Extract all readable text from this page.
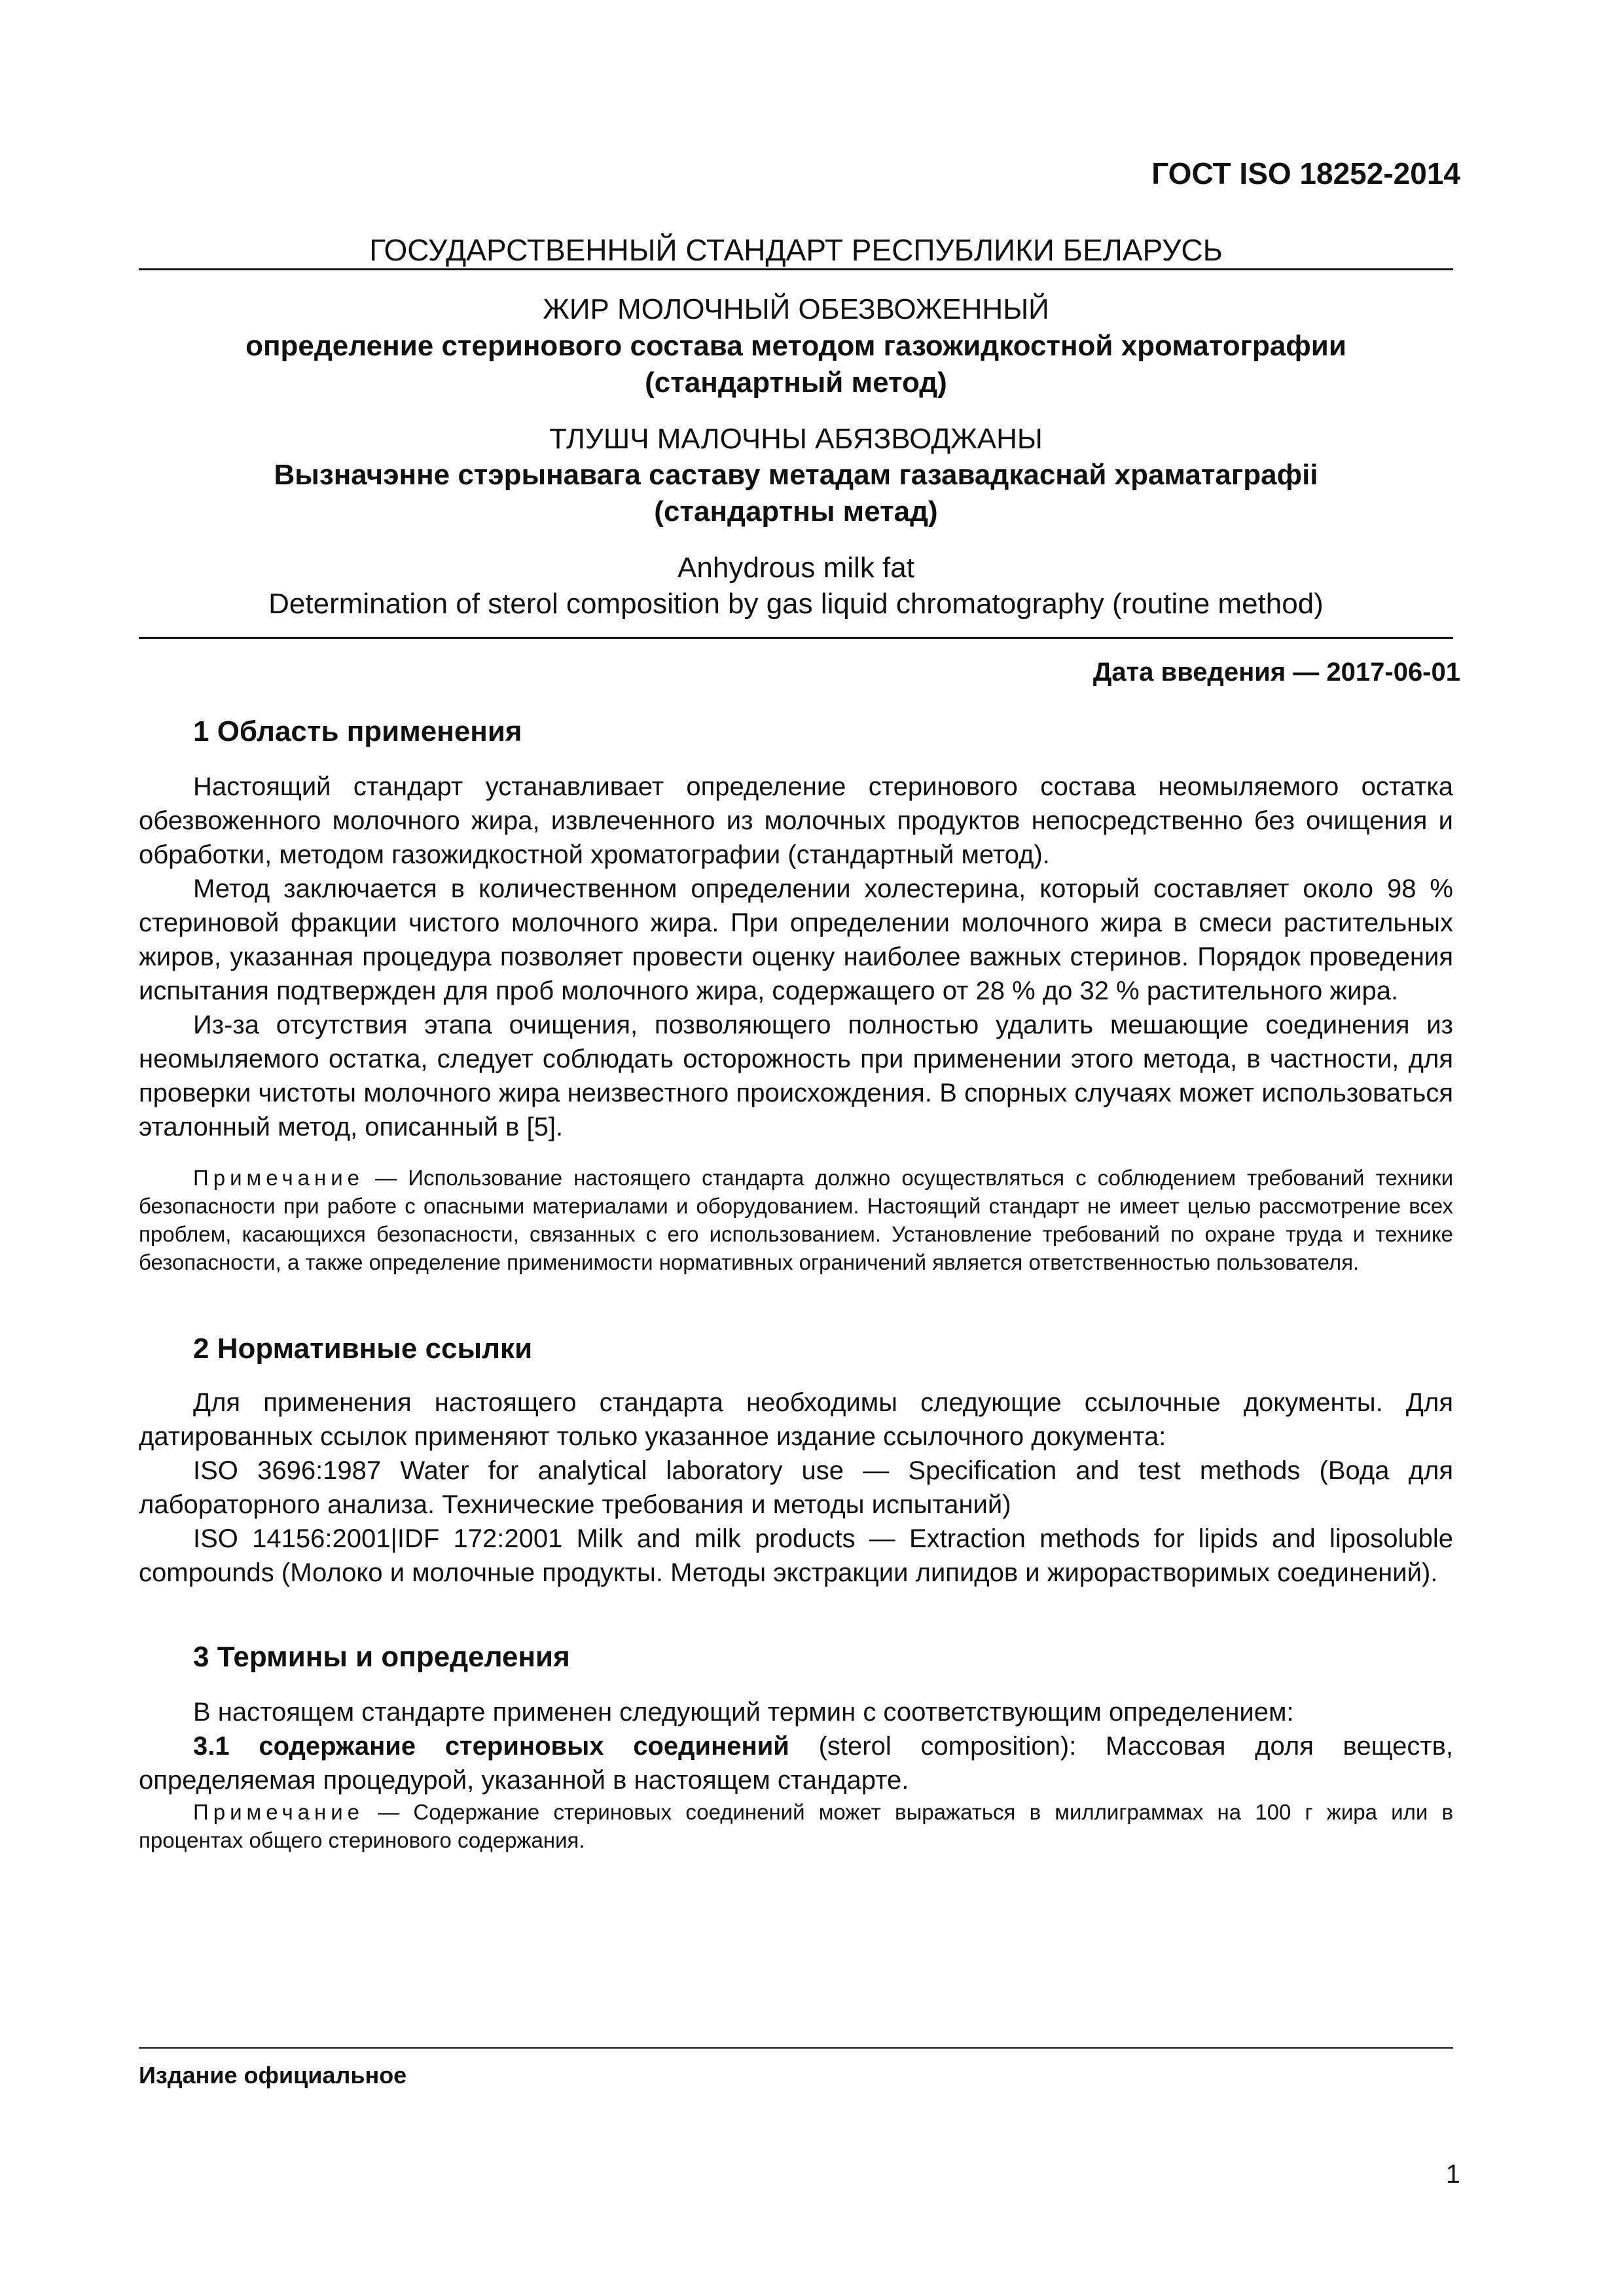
ГОСТ ISO 18252-2014
ГОСУДАРСТВЕННЫЙ СТАНДАРТ РЕСПУБЛИКИ БЕЛАРУСЬ
ЖИР МОЛОЧНЫЙ ОБЕЗВОЖЕННЫЙ
определение стеринового состава методом газожидкостной хроматографии
(стандартный метод)
ТЛУШЧ МАЛОЧНЫ АБЯЗВОДЖАНЫ
Вызначэнне стэрынавага саставу метадам газавадкаснай храматаграфіі
(стандартны метад)
Anhydrous milk fat
Determination of sterol composition by gas liquid chromatography (routine method)
Дата введения — 2017-06-01
1 Область применения

Настоящий стандарт устанавливает определение стеринового состава неомыляемого остатка обезвоженного молочного жира, извлеченного из молочных продуктов непосредственно без очищения и обработки, методом газожидкостной хроматографии (стандартный метод).

Метод заключается в количественном определении холестерина, который составляет около 98 % стериновой фракции чистого молочного жира. При определении молочного жира в смеси растительных жиров, указанная процедура позволяет провести оценку наиболее важных стеринов. Порядок проведения испытания подтвержден для проб молочного жира, содержащего от 28 % до 32 % растительного жира.

Из-за отсутствия этапа очищения, позволяющего полностью удалить мешающие соединения из неомыляемого остатка, следует соблюдать осторожность при применении этого метода, в частности, для проверки чистоты молочного жира неизвестного происхождения. В спорных случаях может использоваться эталонный метод, описанный в [5].

Примечание — Использование настоящего стандарта должно осуществляться с соблюдением требований техники безопасности при работе с опасными материалами и оборудованием. Настоящий стандарт не имеет целью рассмотрение всех проблем, касающихся безопасности, связанных с его использованием. Установление требований по охране труда и технике безопасности, а также определение применимости нормативных ограничений является ответственностью пользователя.

2 Нормативные ссылки

Для применения настоящего стандарта необходимы следующие ссылочные документы. Для датированных ссылок применяют только указанное издание ссылочного документа:

ISO 3696:1987 Water for analytical laboratory use — Specification and test methods (Вода для лабораторного анализа. Технические требования и методы испытаний)

ISO 14156:2001|IDF 172:2001 Milk and milk products — Extraction methods for lipids and liposoluble compounds (Молоко и молочные продукты. Методы экстракции липидов и жирорастворимых соединений).

3 Термины и определения

В настоящем стандарте применен следующий термин с соответствующим определением:

3.1 содержание стериновых соединений (sterol composition): Массовая доля веществ, определяемая процедурой, указанной в настоящем стандарте.

Примечание — Содержание стериновых соединений может выражаться в миллиграммах на 100 г жира или в процентах общего стеринового содержания.

Издание официальное
1
